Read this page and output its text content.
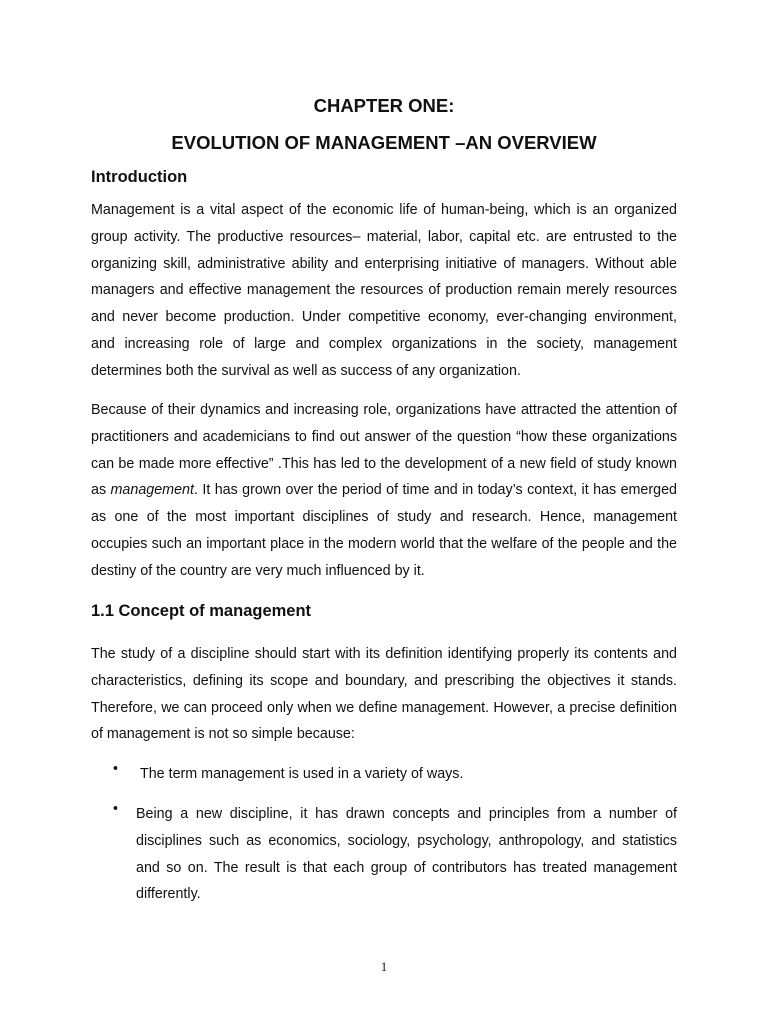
CHAPTER ONE:
EVOLUTION OF MANAGEMENT –AN OVERVIEW
Introduction

Management is a vital aspect of the economic life of human-being, which is an organized group activity. The productive resources– material, labor, capital etc. are entrusted to the organizing skill, administrative ability and enterprising initiative of managers. Without able managers and effective management the resources of production remain merely resources and never become production. Under competitive economy, ever-changing environment, and increasing role of large and complex organizations in the society, management determines both the survival as well as success of any organization.

Because of their dynamics and increasing role, organizations have attracted the attention of practitioners and academicians to find out answer of the question “how these organizations can be made more effective” .This has led to the development of a new field of study known as management. It has grown over the period of time and in today’s context, it has emerged as one of the most important disciplines of study and research. Hence, management occupies such an important place in the modern world that the welfare of the people and the destiny of the country are very much influenced by it.

1.1 Concept of management

The study of a discipline should start with its definition identifying properly its contents and characteristics, defining its scope and boundary, and prescribing the objectives it stands. Therefore, we can proceed only when we define management. However, a precise definition of management is not so simple because:

• The term management is used in a variety of ways.

• Being a new discipline, it has drawn concepts and principles from a number of disciplines such as economics, sociology, psychology, anthropology, and statistics and so on. The result is that each group of contributors has treated management differently.

1
